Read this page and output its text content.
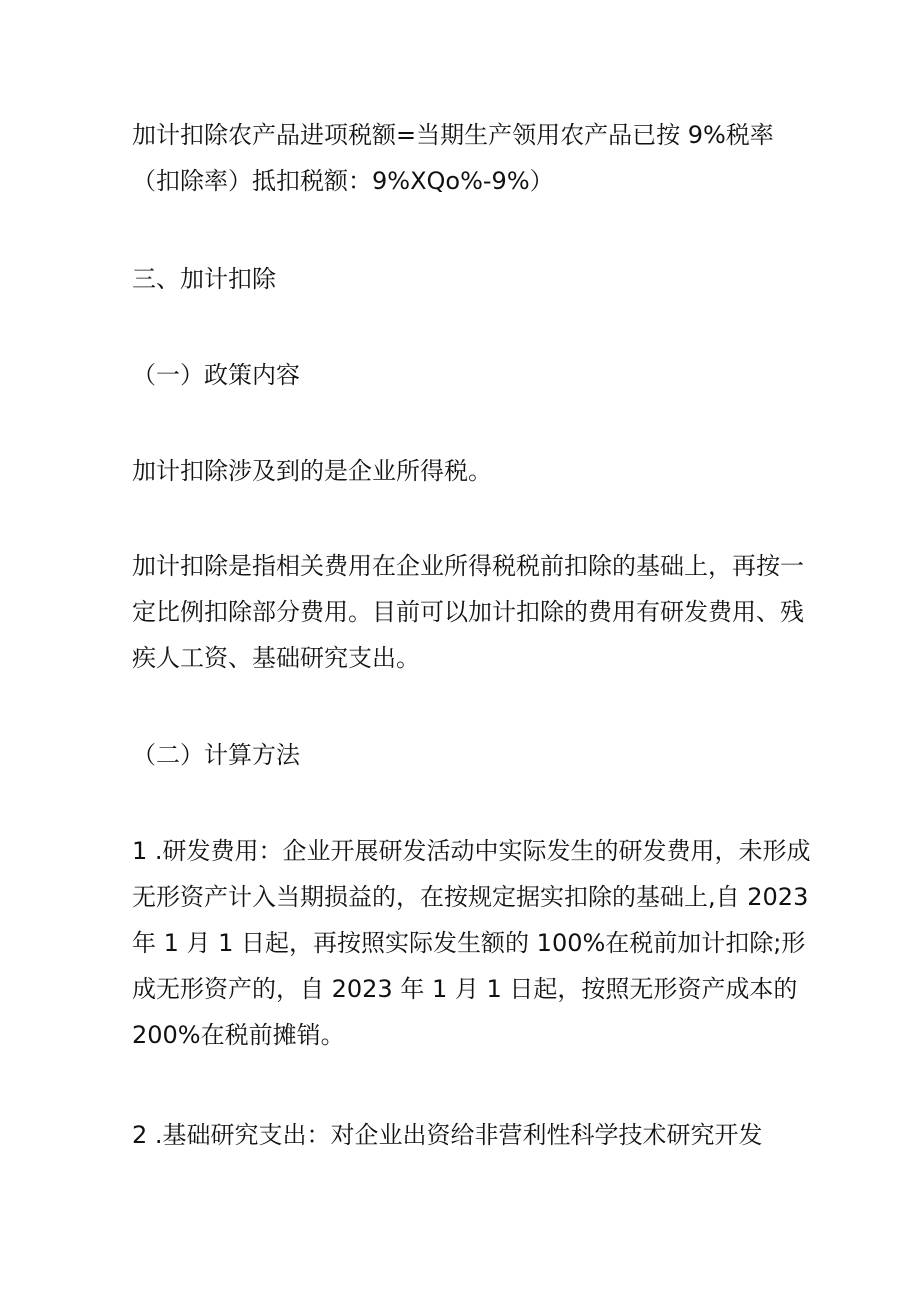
加计扣除农产品进项税额=当期生产领用农产品已按 9%税率
（扣除率）抵扣税额：9%XQo%-9%）

三、加计扣除

（一）政策内容

加计扣除涉及到的是企业所得税。

加计扣除是指相关费用在企业所得税税前扣除的基础上，再按一
定比例扣除部分费用。目前可以加计扣除的费用有研发费用、残
疾人工资、基础研究支出。

（二）计算方法

1 .研发费用：企业开展研发活动中实际发生的研发费用，未形成
无形资产计入当期损益的，在按规定据实扣除的基础上,自 2023
年 1 月 1 日起，再按照实际发生额的 100%在税前加计扣除;形
成无形资产的，自 2023 年 1 月 1 日起，按照无形资产成本的
200%在税前摊销。

2 .基础研究支出：对企业出资给非营利性科学技术研究开发
